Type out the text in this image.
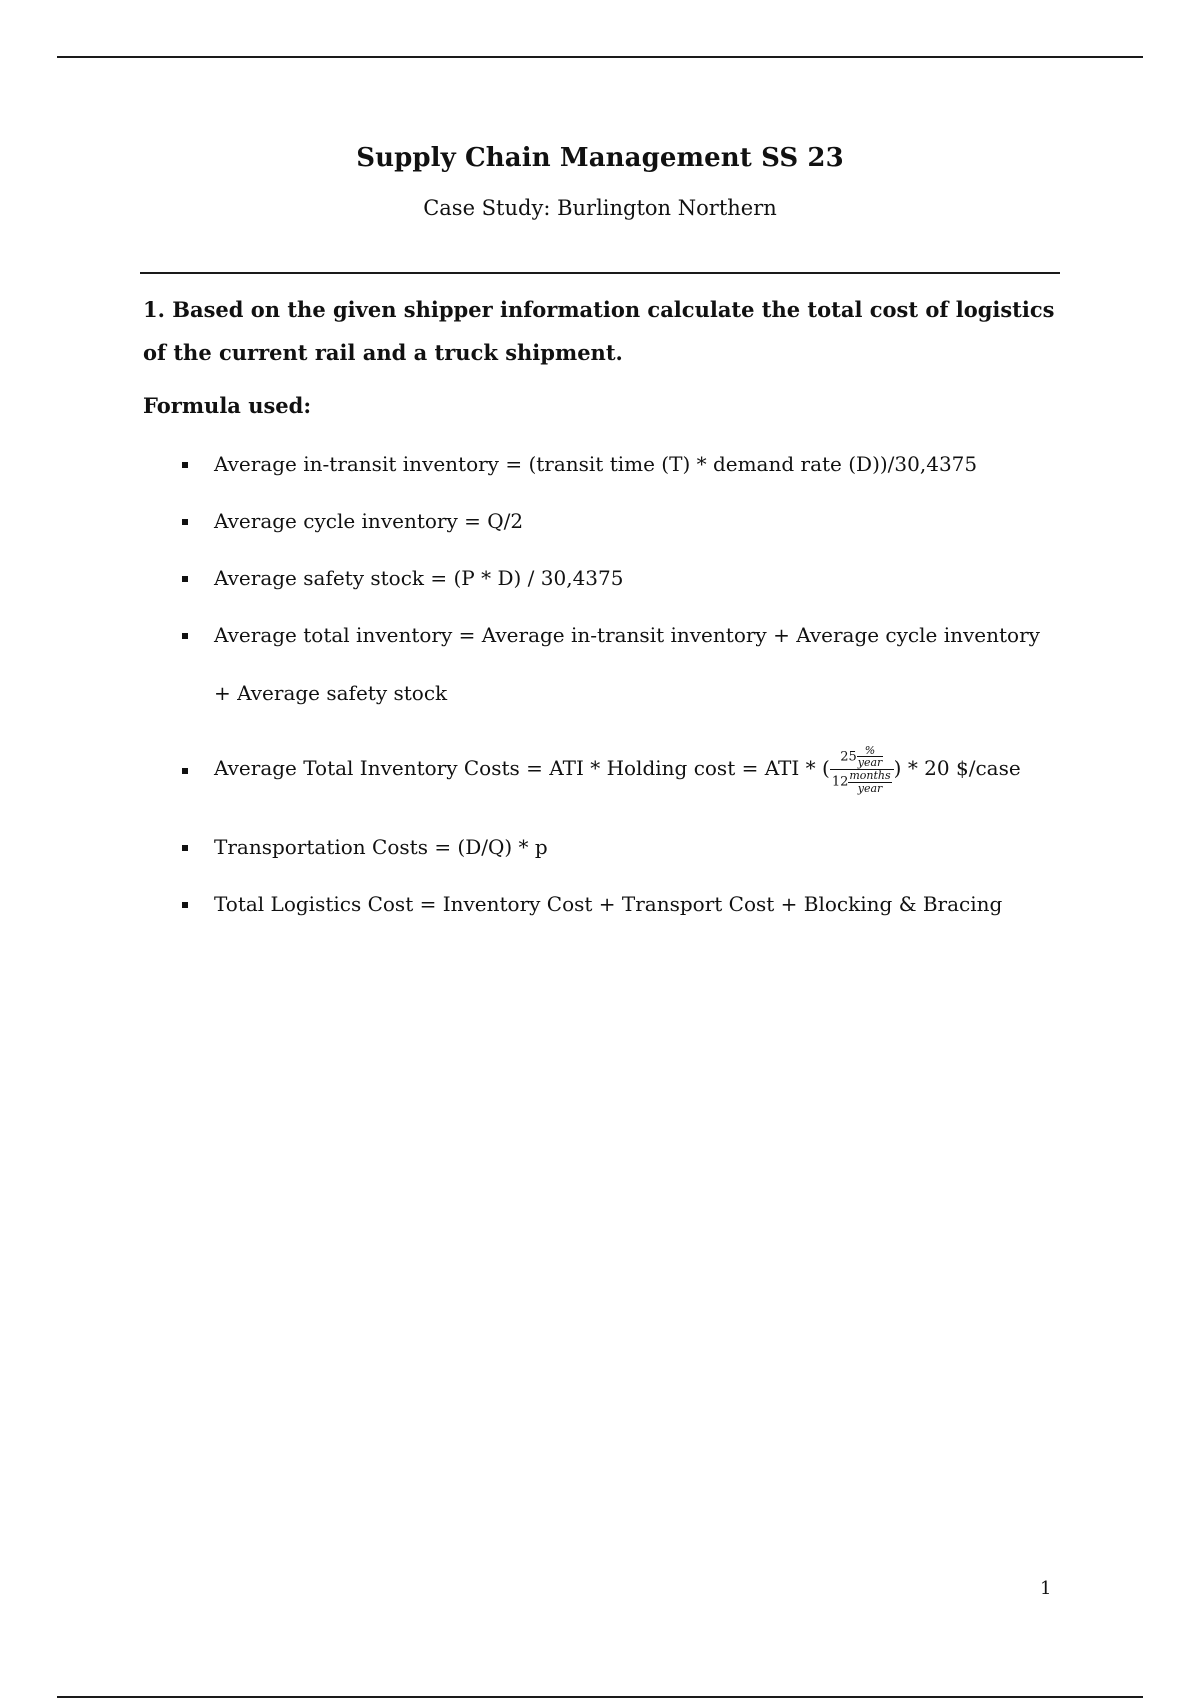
Supply Chain Management SS 23
Case Study: Burlington Northern
1. Based on the given shipper information calculate the total cost of logistics of the current rail and a truck shipment.
Formula used:
Average in-transit inventory = (transit time (T) * demand rate (D))/30,4375
Average cycle inventory = Q/2
Average safety stock = (P * D) / 30,4375
Average total inventory = Average in-transit inventory + Average cycle inventory
+ Average safety stock
Average Total Inventory Costs = ATI * Holding cost = ATI * ( $\frac{25 \frac{\%}{\text{year}}}{12 \frac{\text{months}}{\text{year}}}$ ) * 20 $/case
Transportation Costs = (D/Q) * p
Total Logistics Cost = Inventory Cost + Transport Cost + Blocking & Bracing
1
